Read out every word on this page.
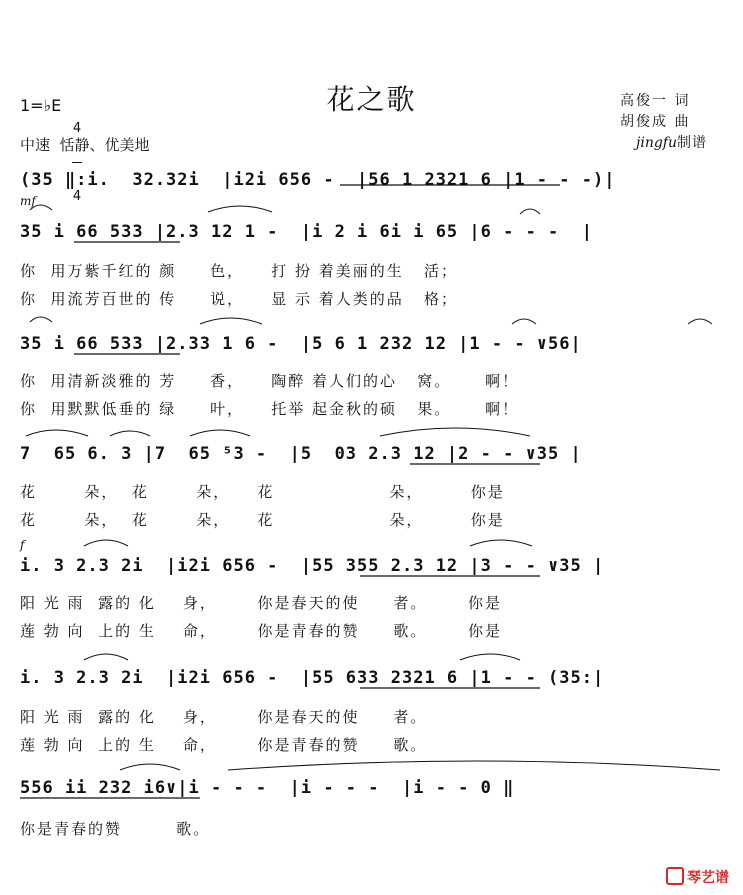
花之歌
1=♭E

4

4

中速  恬静、优美地
高俊一 词
胡俊成 曲
jingfu制谱
(35 ‖:i.  32.32i  |i2i 656 -  |56 1 2321 6 |1 - - -)|
mf
35 i 66 533 |2.3 12 1 -  |i 2 i 6i i 65 |6 - - -  |
你  用万紫千红的 颜     色，    打 扮 着美丽的生   活；
你  用流芳百世的 传     说，    显 示 着人类的品   格；
35 i 66 533 |2.33 1 6 -  |5 6 1 232 12 |1 - - ∨56|
你  用清新淡雅的 芳     香，    陶醉 着人们的心   窝。     啊！
你  用默默低垂的 绿     叶，    托举 起金秋的硕   果。     啊！
7  65 6. 3 |7  65 ⁵3 -  |5  03 2.3 12 |2 - - ∨35 |
花       朵，  花       朵，    花                 朵，       你是
花       朵，  花       朵，    花                 朵，       你是
f
i. 3 2.3 2i  |i2i 656 -  |55 355 2.3 12 |3 - - ∨35 |
阳 光 雨  露的 化    身，      你是春天的使     者。      你是
莲 勃 向  上的 生    命，      你是青春的赞     歌。      你是
i. 3 2.3 2i  |i2i 656 -  |55 633 2321 6 |1 - - (35:|
阳 光 雨  露的 化    身，      你是春天的使     者。
莲 勃 向  上的 生    命，      你是青春的赞     歌。
556 ii 232 i6∨|i - - -  |i - - -  |i - - 0 ‖
你是青春的赞        歌。
琴艺谱
